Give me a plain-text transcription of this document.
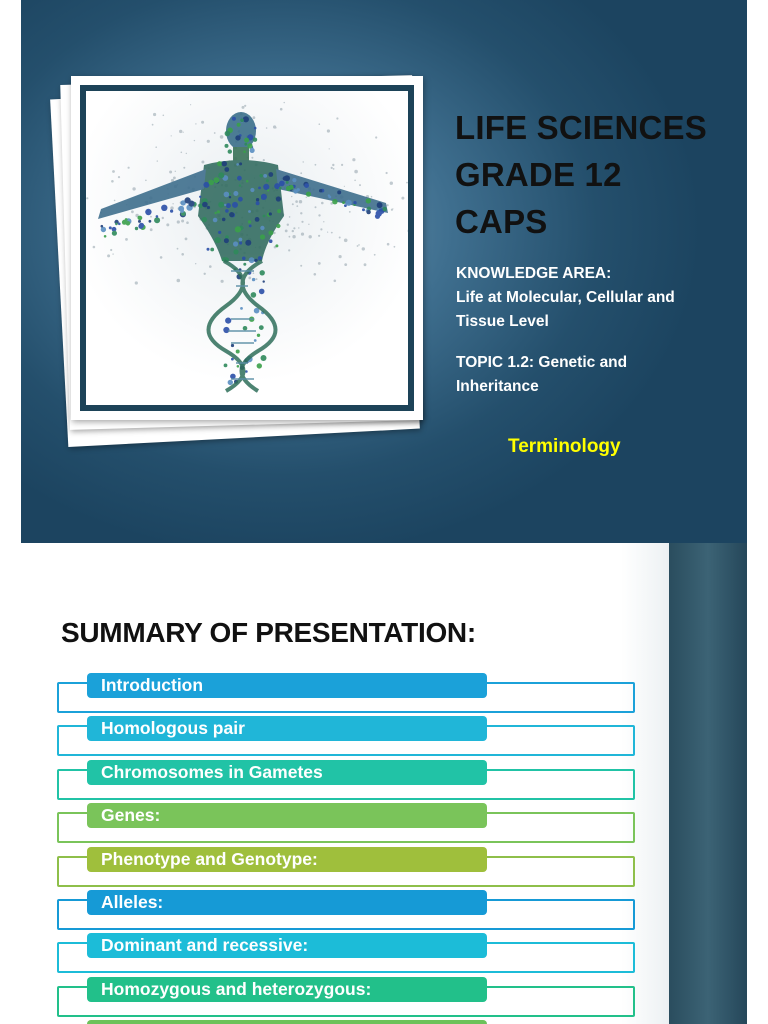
LIFE SCIENCES
GRADE 12
CAPS
KNOWLEDGE AREA:
Life at Molecular, Cellular and
Tissue Level
TOPIC 1.2: Genetic and
Inheritance
Terminology
SUMMARY OF PRESENTATION:
Introduction
Homologous pair
Chromosomes in Gametes
Genes:
Phenotype and Genotype:
Alleles:
Dominant and recessive:
Homozygous and heterozygous:
